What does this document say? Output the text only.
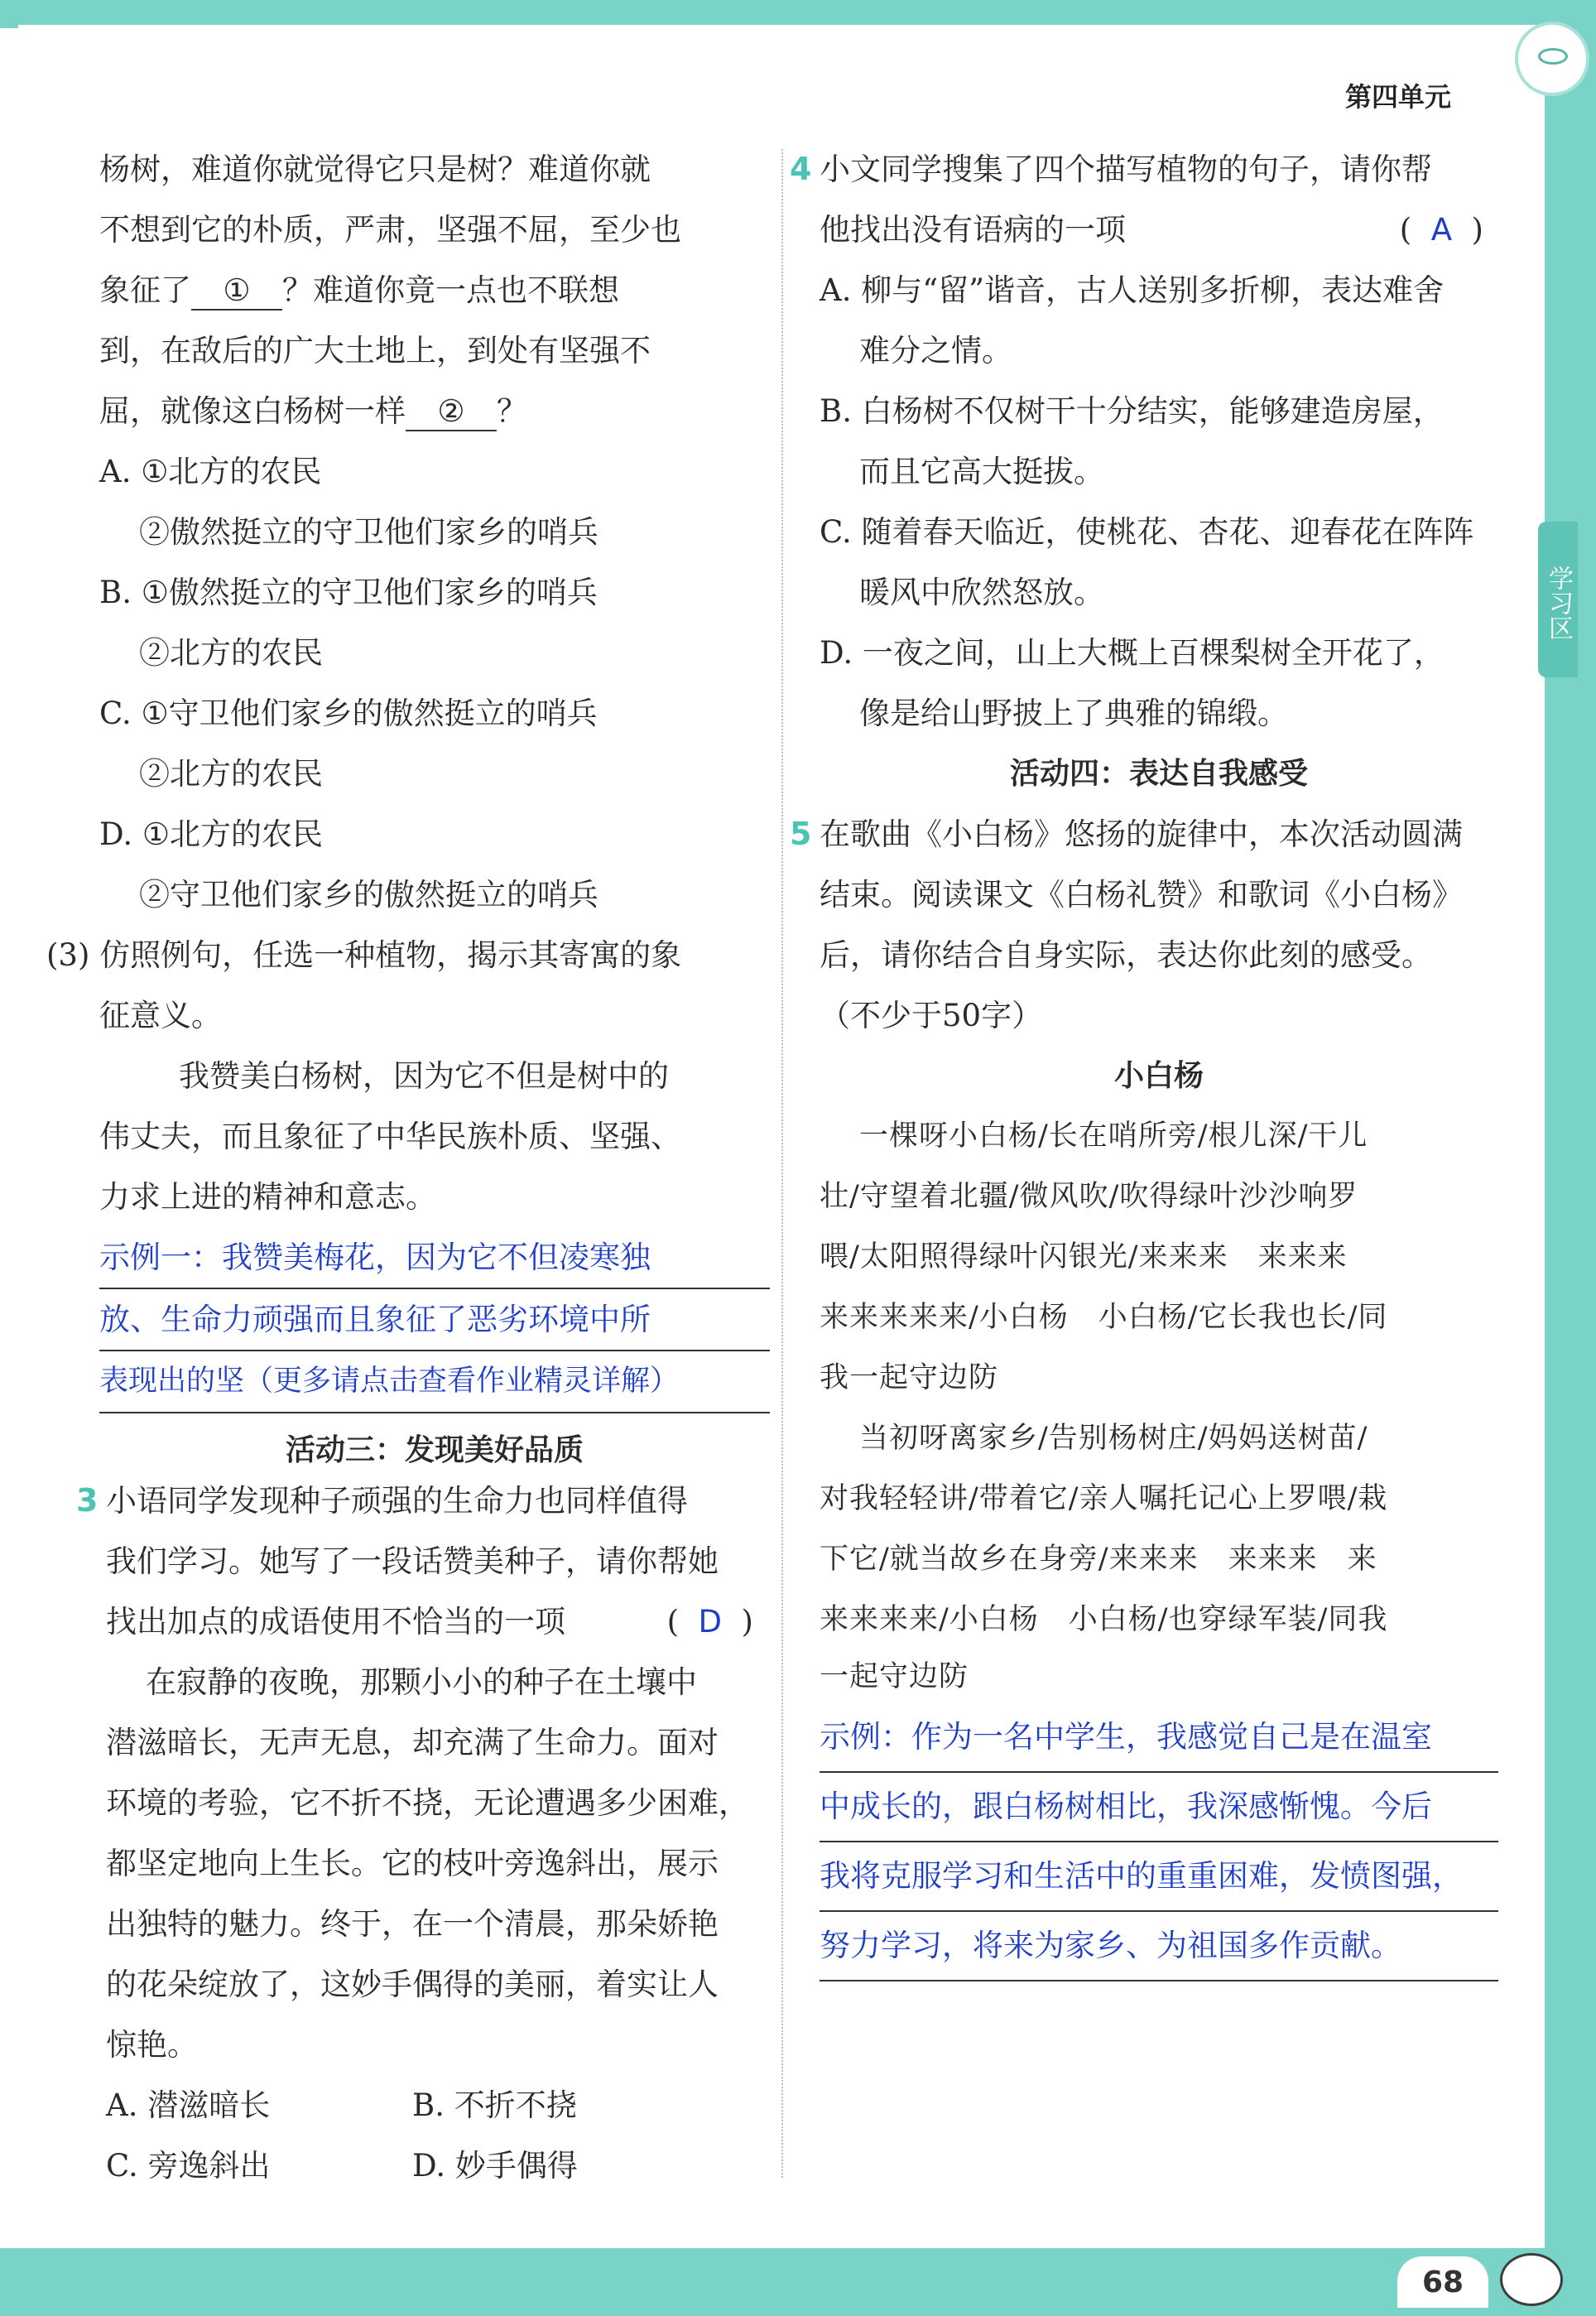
第四单元
学习区
杨树，难道你就觉得它只是树？难道你就
不想到它的朴质，严肃，坚强不屈，至少也
象征了 ① ？难道你竟一点也不联想
到，在敌后的广大土地上，到处有坚强不
屈，就像这白杨树一样 ② ？
A. ①北方的农民
②傲然挺立的守卫他们家乡的哨兵
B. ①傲然挺立的守卫他们家乡的哨兵
②北方的农民
C. ①守卫他们家乡的傲然挺立的哨兵
②北方的农民
D. ①北方的农民
②守卫他们家乡的傲然挺立的哨兵
(3) 仿照例句，任选一种植物，揭示其寄寓的象
征意义。
我赞美白杨树，因为它不但是树中的
伟丈夫，而且象征了中华民族朴质、坚强、
力求上进的精神和意志。
示例一：我赞美梅花，因为它不但凌寒独
放、生命力顽强而且象征了恶劣环境中所
表现出的坚（更多请点击查看作业精灵详解）
活动三：发现美好品质
3 小语同学发现种子顽强的生命力也同样值得
我们学习。她写了一段话赞美种子，请你帮她
找出加点的成语使用不恰当的一项	(  D  )
在寂静的夜晚，那颗小小的种子在土壤中
潜滋暗长，无声无息，却充满了生命力。面对
环境的考验，它不折不挠，无论遭遇多少困难，
都坚定地向上生长。它的枝叶旁逸斜出，展示
出独特的魅力。终于，在一个清晨，那朵娇艳
的花朵绽放了，这妙手偶得的美丽，着实让人
惊艳。
A. 潜滋暗长	B. 不折不挠
C. 旁逸斜出	D. 妙手偶得
4 小文同学搜集了四个描写植物的句子，请你帮
他找出没有语病的一项	(  A  )
A. 柳与“留”谐音，古人送别多折柳，表达难舍
难分之情。
B. 白杨树不仅树干十分结实，能够建造房屋，
而且它高大挺拔。
C. 随着春天临近，使桃花、杏花、迎春花在阵阵
暖风中欣然怒放。
D. 一夜之间，山上大概上百棵梨树全开花了，
像是给山野披上了典雅的锦缎。
活动四：表达自我感受
5 在歌曲《小白杨》悠扬的旋律中，本次活动圆满
结束。阅读课文《白杨礼赞》和歌词《小白杨》
后，请你结合自身实际，表达你此刻的感受。
（不少于50字）
小白杨
一棵呀小白杨/长在哨所旁/根儿深/干儿
壮/守望着北疆/微风吹/吹得绿叶沙沙响罗
喂/太阳照得绿叶闪银光/来来来　来来来
来来来来来/小白杨　小白杨/它长我也长/同
我一起守边防
当初呀离家乡/告别杨树庄/妈妈送树苗/
对我轻轻讲/带着它/亲人嘱托记心上罗喂/栽
下它/就当故乡在身旁/来来来　来来来　来
来来来来/小白杨　小白杨/也穿绿军装/同我
一起守边防
示例：作为一名中学生，我感觉自己是在温室
中成长的，跟白杨树相比，我深感惭愧。今后
我将克服学习和生活中的重重困难，发愤图强，
努力学习，将来为家乡、为祖国多作贡献。
68
